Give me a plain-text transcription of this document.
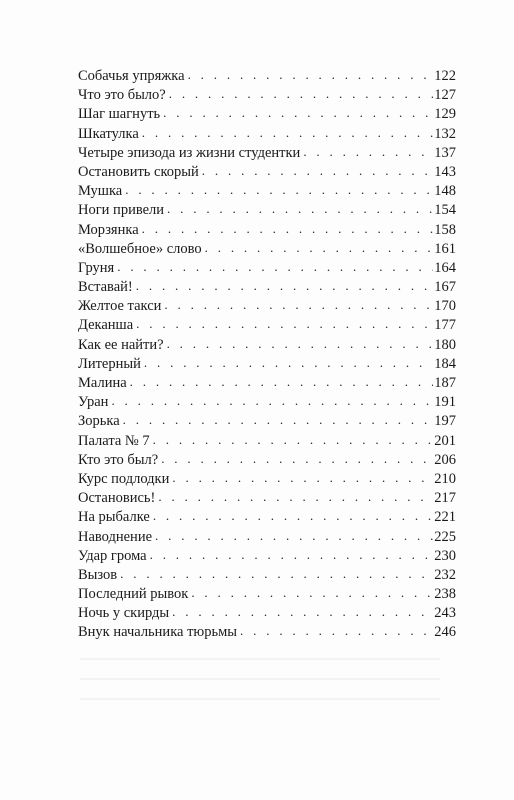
Собачья упряжка . . .	122
Что это было? . . .	127
Шаг шагнуть . . .	129
Шкатулка . . .	132
Четыре эпизода из жизни студентки . . .	137
Остановить скорый . . .	143
Мушка . . .	148
Ноги привели . . .	154
Морзянка . . .	158
«Волшебное» слово . . .	161
Груня . . .	164
Вставай! . . .	167
Желтое такси . . .	170
Деканша . . .	177
Как ее найти? . . .	180
Литерный . . .	184
Малина . . .	187
Уран . . .	191
Зорька . . .	197
Палата № 7 . . .	201
Кто это был? . . .	206
Курс подлодки . . .	210
Остановись! . . .	217
На рыбалке . . .	221
Наводнение . . .	225
Удар грома . . .	230
Вызов . . .	232
Последний рывок . . .	238
Ночь у скирды . . .	243
Внук начальника тюрьмы . . .	246
